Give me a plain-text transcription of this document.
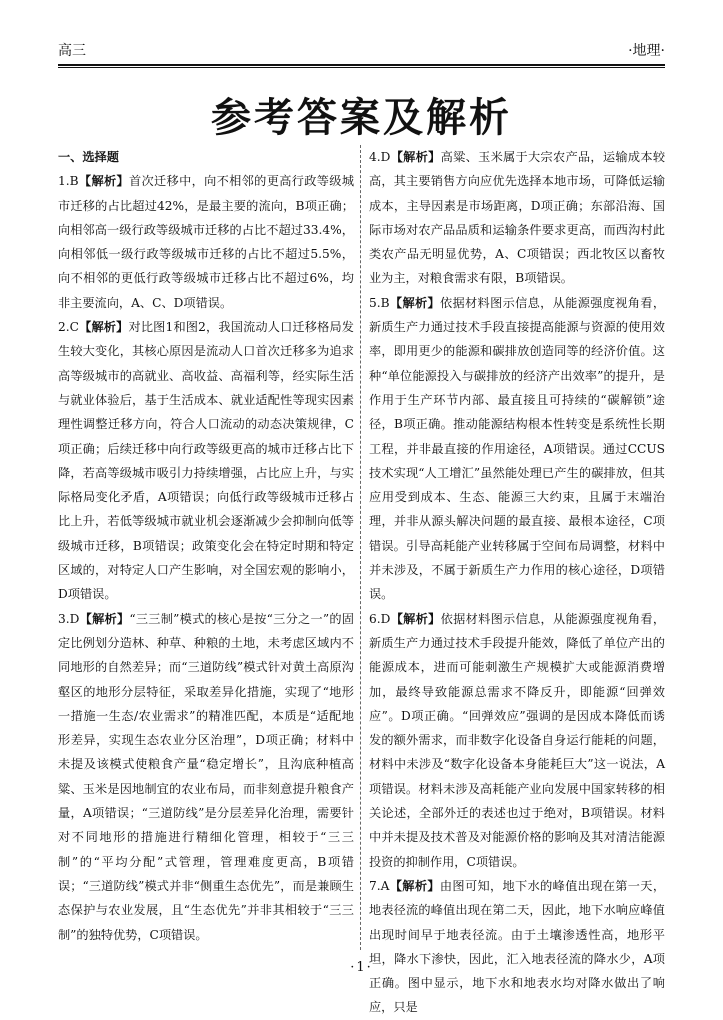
高三	·地理·
参考答案及解析

一、选择题

1.B【解析】首次迁移中，向不相邻的更高行政等级城市迁移的占比超过42%，是最主要的流向，B项正确；向相邻高一级行政等级城市迁移的占比不超过33.4%，向相邻低一级行政等级城市迁移的占比不超过5.5%，向不相邻的更低行政等级城市迁移占比不超过6%，均非主要流向，A、C、D项错误。

2.C【解析】对比图1和图2，我国流动人口迁移格局发生较大变化，其核心原因是流动人口首次迁移多为追求高等级城市的高就业、高收益、高福利等，经实际生活与就业体验后，基于生活成本、就业适配性等现实因素理性调整迁移方向，符合人口流动的动态决策规律，C项正确；后续迁移中向行政等级更高的城市迁移占比下降，若高等级城市吸引力持续增强，占比应上升，与实际格局变化矛盾，A项错误；向低行政等级城市迁移占比上升，若低等级城市就业机会逐渐减少会抑制向低等级城市迁移，B项错误；政策变化会在特定时期和特定区域的，对特定人口产生影响，对全国宏观的影响小，D项错误。

3.D【解析】“三三制”模式的核心是按“三分之一”的固定比例划分造林、种草、种粮的土地，未考虑区域内不同地形的自然差异；而“三道防线”模式针对黄土高原沟壑区的地形分层特征，采取差异化措施，实现了“地形一措施一生态/农业需求”的精准匹配，本质是“适配地形差异，实现生态农业分区治理”，D项正确；材料中未提及该模式使粮食产量“稳定增长”，且沟底种植高粱、玉米是因地制宜的农业布局，而非刻意提升粮食产量，A项错误；“三道防线”是分层差异化治理，需要针对不同地形的措施进行精细化管理，相较于“三三制”的“平均分配”式管理，管理难度更高，B项错误；“三道防线”模式并非“侧重生态优先”，而是兼顾生态保护与农业发展，且“生态优先”并非其相较于“三三制”的独特优势，C项错误。

4.D【解析】高粱、玉米属于大宗农产品，运输成本较高，其主要销售方向应优先选择本地市场，可降低运输成本，主导因素是市场距离，D项正确；东部沿海、国际市场对农产品品质和运输条件要求更高，而西沟村此类农产品无明显优势，A、C项错误；西北牧区以畜牧业为主，对粮食需求有限，B项错误。

5.B【解析】依据材料图示信息，从能源强度视角看，新质生产力通过技术手段直接提高能源与资源的使用效率，即用更少的能源和碳排放创造同等的经济价值。这种“单位能源投入与碳排放的经济产出效率”的提升，是作用于生产环节内部、最直接且可持续的“碳解锁”途径，B项正确。推动能源结构根本性转变是系统性长期工程，并非最直接的作用途径，A项错误。通过CCUS技术实现“人工增汇”虽然能处理已产生的碳排放，但其应用受到成本、生态、能源三大约束，且属于末端治理，并非从源头解决问题的最直接、最根本途径，C项错误。引导高耗能产业转移属于空间布局调整，材料中并未涉及，不属于新质生产力作用的核心途径，D项错误。

6.D【解析】依据材料图示信息，从能源强度视角看，新质生产力通过技术手段提升能效，降低了单位产出的能源成本，进而可能刺激生产规模扩大或能源消费增加，最终导致能源总需求不降反升，即能源“回弹效应”。D项正确。“回弹效应”强调的是因成本降低而诱发的额外需求，而非数字化设备自身运行能耗的问题，材料中未涉及“数字化设备本身能耗巨大”这一说法，A项错误。材料未涉及高耗能产业向发展中国家转移的相关论述，全部外迁的表述也过于绝对，B项错误。材料中并未提及技术普及对能源价格的影响及其对清洁能源投资的抑制作用，C项错误。

7.A【解析】由图可知，地下水的峰值出现在第一天，地表径流的峰值出现在第二天，因此，地下水响应峰值出现时间早于地表径流。由于土壤渗透性高，地形平坦，降水下渗快，因此，汇入地表径流的降水少，A项正确。图中显示，地下水和地表水均对降水做出了响应，只是

·1·
